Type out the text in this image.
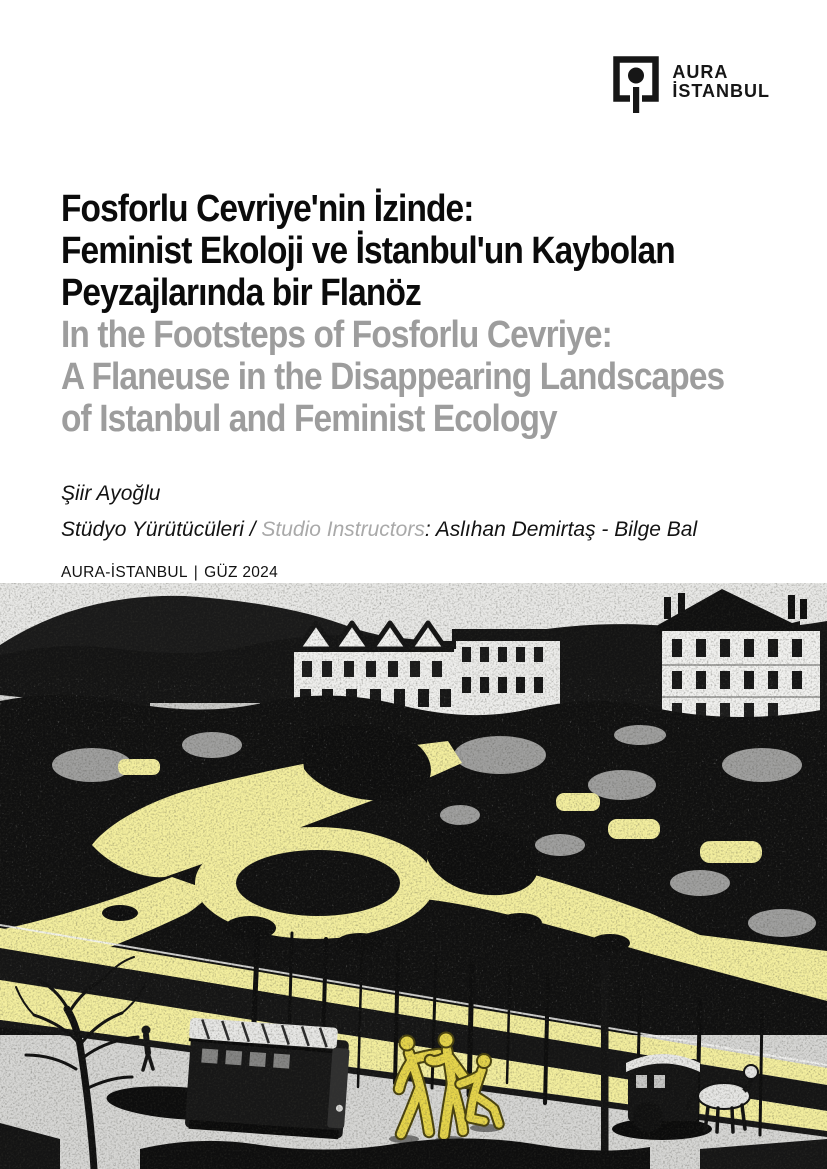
AURA
İSTANBUL
Fosforlu Cevriye'nin İzinde:
Feminist Ekoloji ve İstanbul'un Kaybolan
Peyzajlarında bir Flanöz
In the Footsteps of Fosforlu Cevriye:
A Flaneuse in the Disappearing Landscapes
of Istanbul and Feminist Ecology

Şiir Ayoğlu

Stüdyo Yürütücüleri / Studio Instructors: Aslıhan Demirtaş - Bilge Bal

AURA-İSTANBUL | GÜZ 2024
